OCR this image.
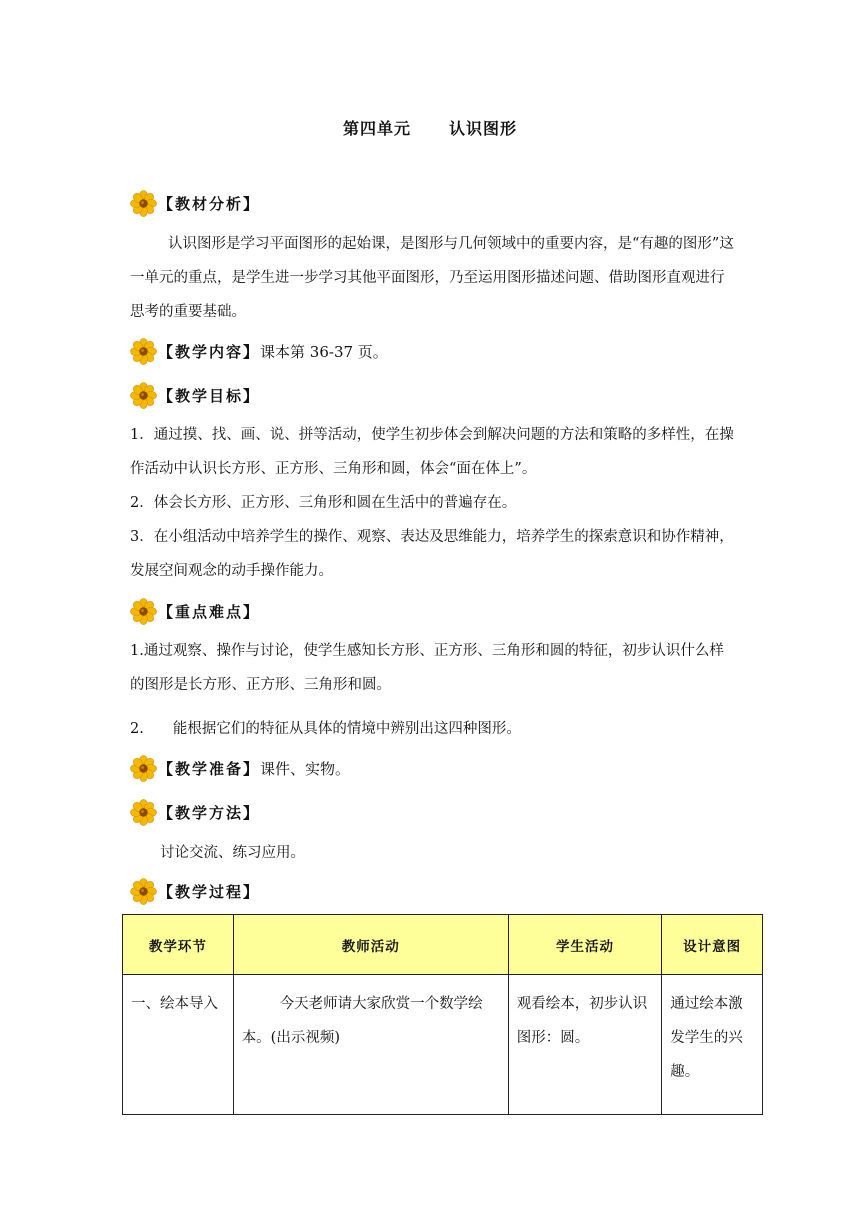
第四单元 认识图形
【教材分析】
认识图形是学习平面图形的起始课，是图形与几何领域中的重要内容，是“有趣的图形”这一单元的重点，是学生进一步学习其他平面图形，乃至运用图形描述问题、借助图形直观进行思考的重要基础。
【教学内容】 课本第 36-37 页。
【教学目标】
1．通过摸、找、画、说、拼等活动，使学生初步体会到解决问题的方法和策略的多样性，在操作活动中认识长方形、正方形、三角形和圆，体会“面在体上”。
2．体会长方形、正方形、三角形和圆在生活中的普遍存在。
3．在小组活动中培养学生的操作、观察、表达及思维能力，培养学生的探索意识和协作精神，发展空间观念的动手操作能力。
【重点难点】
1.通过观察、操作与讨论，使学生感知长方形、正方形、三角形和圆的特征，初步认识什么样的图形是长方形、正方形、三角形和圆。
2.　　能根据它们的特征从具体的情境中辨别出这四种图形。
【教学准备】 课件、实物。
【教学方法】
讨论交流、练习应用。
【教学过程】
教学环节	教师活动	学生活动	设计意图
一、绘本导入	今天老师请大家欣赏一个数学绘本。(出示视频)	观看绘本，初步认识图形：圆。	通过绘本激发学生的兴趣。
